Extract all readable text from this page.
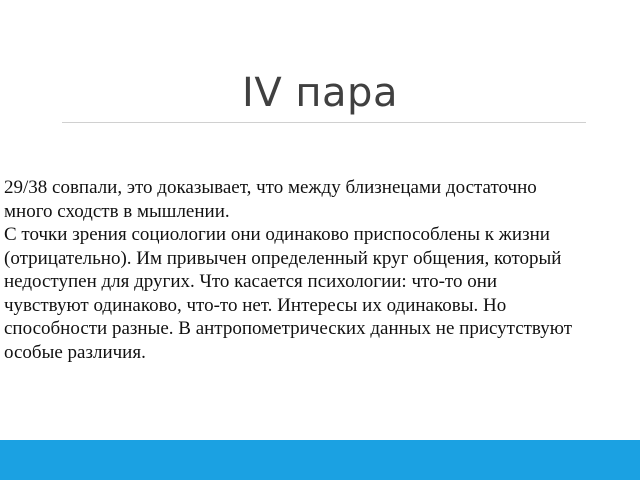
IV пара

29/38 совпали, это доказывает, что между близнецами достаточно

много сходств в мышлении.

С точки зрения социологии они одинаково приспособлены к жизни

(отрицательно). Им привычен определенный круг общения, который

недоступен для других. Что касается психологии: что-то они

чувствуют одинаково, что-то нет. Интересы их одинаковы. Но

способности разные. В антропометрических данных не присутствуют

особые различия.
